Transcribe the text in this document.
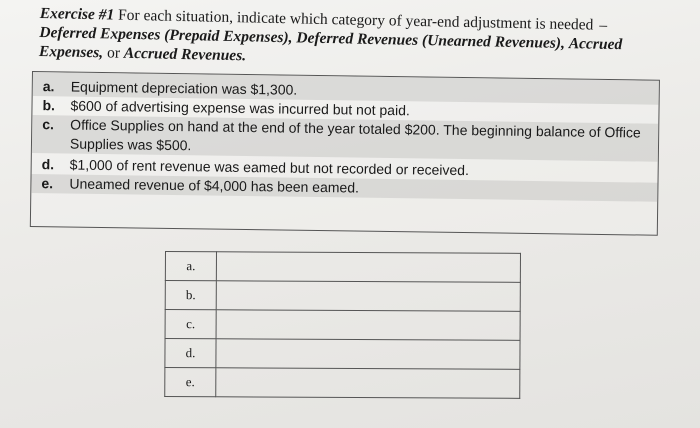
Exercise #1 For each situation, indicate which category of year-end adjustment is needed –
Deferred Expenses (Prepaid Expenses), Deferred Revenues (Unearned Revenues), Accrued Expenses, or Accrued Revenues.
a.	Equipment depreciation was $1,300.
b.	$600 of advertising expense was incurred but not paid.
c.	Office Supplies on hand at the end of the year totaled $200. The beginning balance of Office Supplies was $500.
d.	$1,000 of rent revenue was eamed but not recorded or received.
e.	Uneamed revenue of $4,000 has been eamed.
a.	
b.	
c.	
d.	
e.	
